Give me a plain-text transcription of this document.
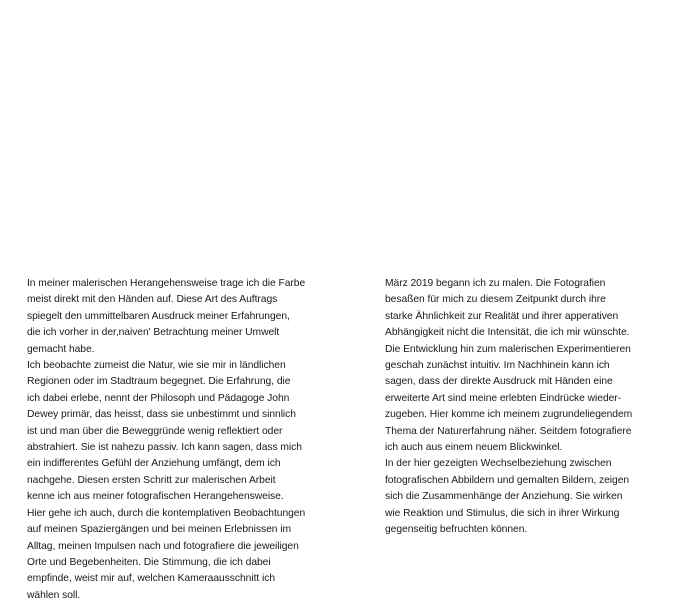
In meiner malerischen Herangehensweise trage ich die Farbe
meist direkt mit den Händen auf. Diese Art des Auftrags
spiegelt den ummittelbaren Ausdruck meiner Erfahrungen,
die ich vorher in der‚naiven' Betrachtung meiner Umwelt
gemacht habe.
Ich beobachte zumeist die Natur, wie sie mir in ländlichen
Regionen oder im Stadtraum begegnet. Die Erfahrung, die
ich dabei erlebe, nennt der Philosoph und Pädagoge John
Dewey primär, das heisst, dass sie unbestimmt und sinnlich
ist und man über die Beweggründe wenig reflektiert oder
abstrahiert. Sie ist nahezu passiv. Ich kann sagen, dass mich
ein indifferentes Gefühl der Anziehung umfängt, dem ich
nachgehe. Diesen ersten Schritt zur malerischen Arbeit
kenne ich aus meiner fotografischen Herangehensweise.
Hier gehe ich auch, durch die kontemplativen Beobachtungen
auf meinen Spaziergängen und bei meinen Erlebnissen im
Alltag, meinen Impulsen nach und fotografiere die jeweiligen
Orte und Begebenheiten. Die Stimmung, die ich dabei
empfinde, weist mir auf, welchen Kameraausschnitt ich
wählen soll.
März 2019 begann ich zu malen. Die Fotografien
besaßen für mich zu diesem Zeitpunkt durch ihre
starke Ähnlichkeit zur Realität und ihrer apperativen
Abhängigkeit nicht die Intensität, die ich mir wünschte.
Die Entwicklung hin zum malerischen Experimentieren
geschah zunächst intuitiv. Im Nachhinein kann ich
sagen, dass der direkte Ausdruck mit Händen eine
erweiterte Art sind meine erlebten Eindrücke wieder-
zugeben. Hier komme ich meinem zugrundeliegendem
Thema der Naturerfahrung näher. Seitdem fotografiere
ich auch aus einem neuem Blickwinkel.
In der hier gezeigten Wechselbeziehung zwischen
fotografischen Abbildern und gemalten Bildern, zeigen
sich die Zusammenhänge der Anziehung. Sie wirken
wie Reaktion und Stimulus, die sich in ihrer Wirkung
gegenseitig befruchten können.
